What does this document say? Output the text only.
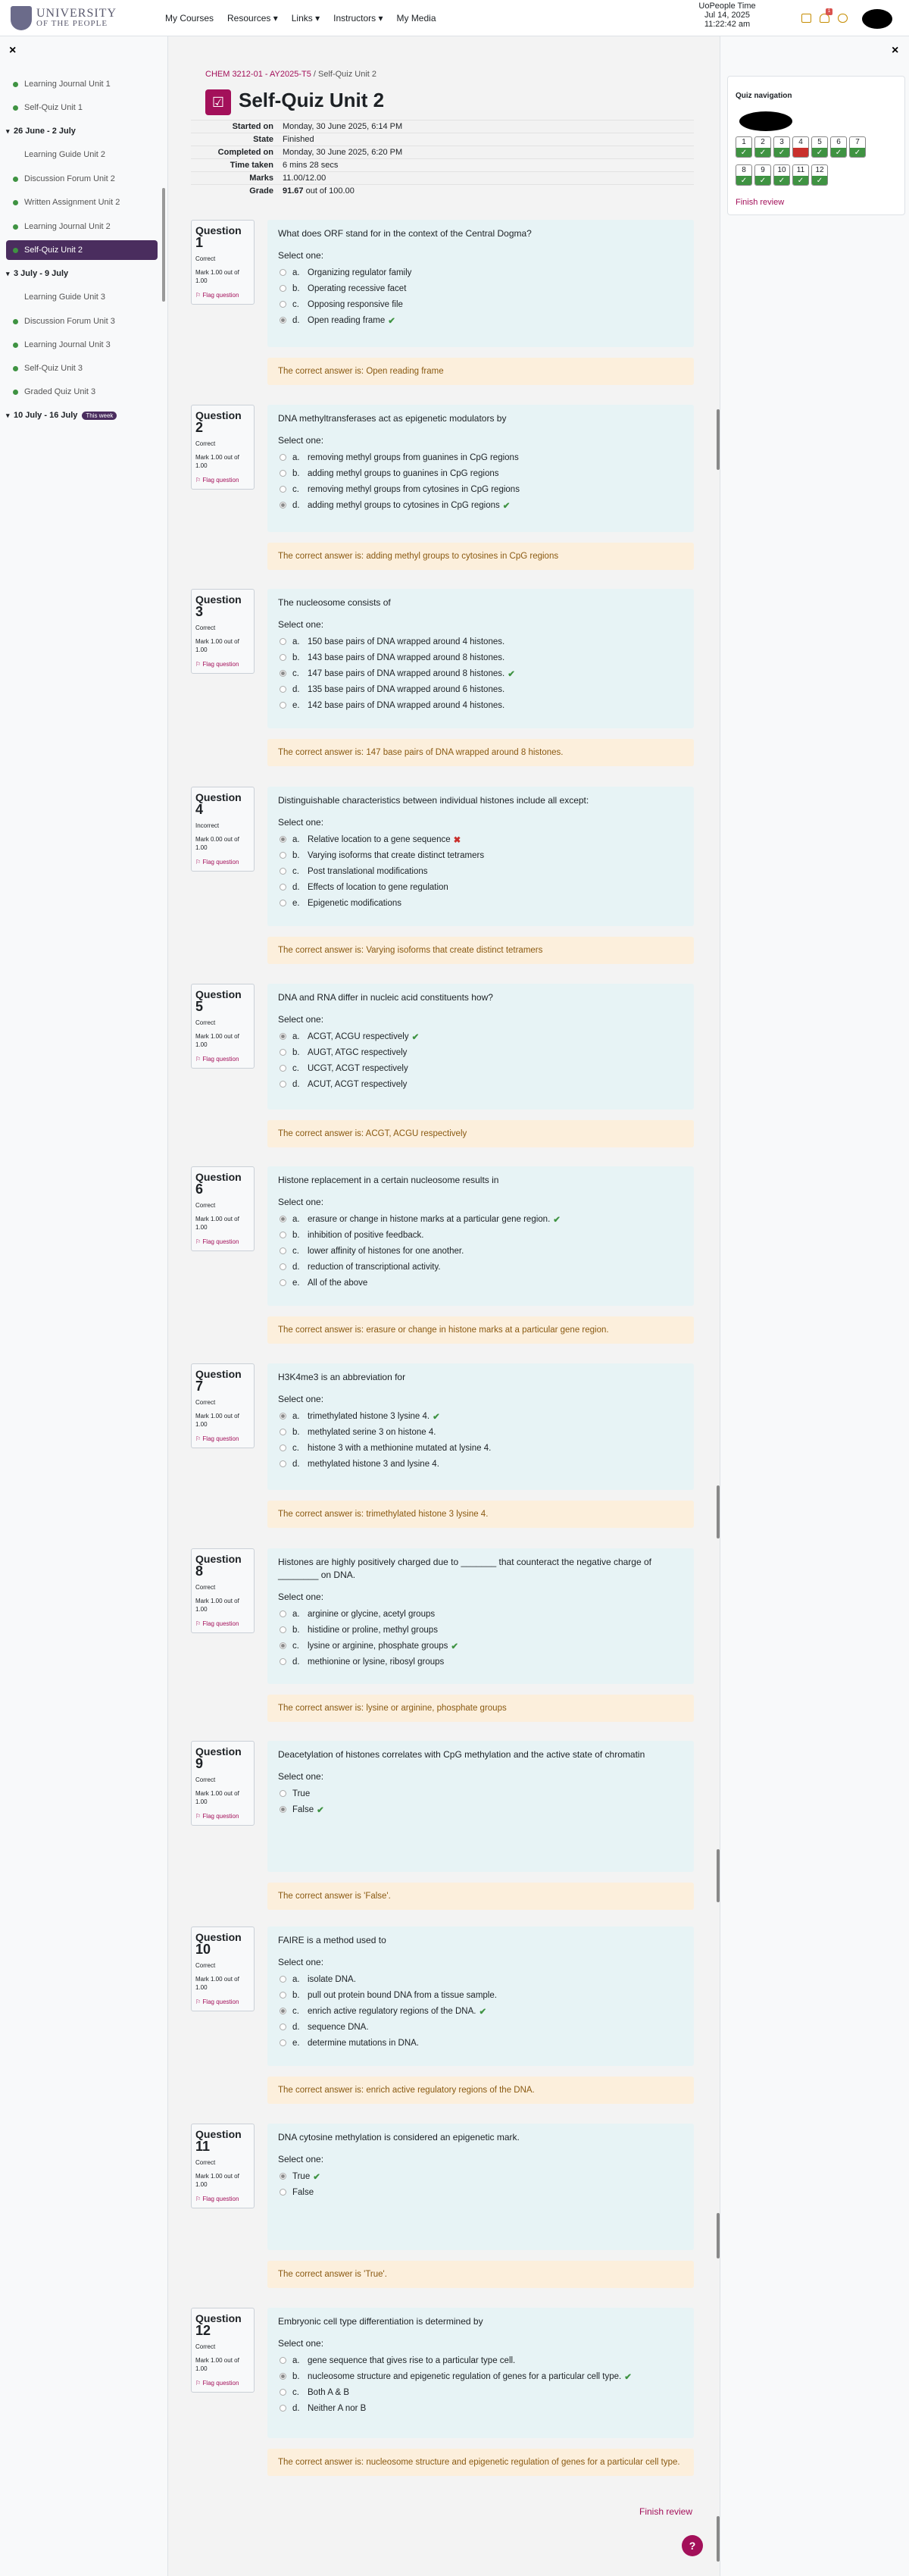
UNIVERSITY
OF THE PEOPLE
My Courses Resources ▾ Links ▾ Instructors ▾ My Media
UoPeople Time
Jul 14, 2025
11:22:42 am
1
×
Learning Journal Unit 1
Self-Quiz Unit 1
▾ 26 June - 2 July
Learning Guide Unit 2
Discussion Forum Unit 2
Written Assignment Unit 2
Learning Journal Unit 2
Self-Quiz Unit 2
▾ 3 July - 9 July
Learning Guide Unit 3
Discussion Forum Unit 3
Learning Journal Unit 3
Self-Quiz Unit 3
Graded Quiz Unit 3
▾ 10 July - 16 July	This week
CHEM 3212-01 - AY2025-T5 / Self-Quiz Unit 2
☑ Self-Quiz Unit 2
Started on	Monday, 30 June 2025, 6:14 PM
State	Finished
Completed on	Monday, 30 June 2025, 6:20 PM
Time taken	6 mins 28 secs
Marks	11.00/12.00
Grade	91.67 out of 100.00
Question
1
Correct
Mark 1.00 out of 1.00
⚐ Flag question
What does ORF stand for in the context of the Central Dogma?
Select one:
a. Organizing regulator family
b. Operating recessive facet
c. Opposing responsive file
d. Open reading frame ✔
The correct answer is: Open reading frame
Question
2
Correct
Mark 1.00 out of 1.00
⚐ Flag question
DNA methyltransferases act as epigenetic modulators by
Select one:
a. removing methyl groups from guanines in CpG regions
b. adding methyl groups to guanines in CpG regions
c. removing methyl groups from cytosines in CpG regions
d. adding methyl groups to cytosines in CpG regions ✔
The correct answer is: adding methyl groups to cytosines in CpG regions
Question
3
Correct
Mark 1.00 out of 1.00
⚐ Flag question
The nucleosome consists of
Select one:
a. 150 base pairs of DNA wrapped around 4 histones.
b. 143 base pairs of DNA wrapped around 8 histones.
c. 147 base pairs of DNA wrapped around 8 histones. ✔
d. 135 base pairs of DNA wrapped around 6 histones.
e. 142 base pairs of DNA wrapped around 4 histones.
The correct answer is: 147 base pairs of DNA wrapped around 8 histones.
Question
4
Incorrect
Mark 0.00 out of 1.00
⚐ Flag question
Distinguishable characteristics between individual histones include all except:
Select one:
a. Relative location to a gene sequence ✖
b. Varying isoforms that create distinct tetramers
c. Post translational modifications
d. Effects of location to gene regulation
e. Epigenetic modifications
The correct answer is: Varying isoforms that create distinct tetramers
Question
5
Correct
Mark 1.00 out of 1.00
⚐ Flag question
DNA and RNA differ in nucleic acid constituents how?
Select one:
a. ACGT, ACGU respectively ✔
b. AUGT, ATGC respectively
c. UCGT, ACGT respectively
d. ACUT, ACGT respectively
The correct answer is: ACGT, ACGU respectively
Question
6
Correct
Mark 1.00 out of 1.00
⚐ Flag question
Histone replacement in a certain nucleosome results in
Select one:
a. erasure or change in histone marks at a particular gene region. ✔
b. inhibition of positive feedback.
c. lower affinity of histones for one another.
d. reduction of transcriptional activity.
e. All of the above
The correct answer is: erasure or change in histone marks at a particular gene region.
Question
7
Correct
Mark 1.00 out of 1.00
⚐ Flag question
H3K4me3 is an abbreviation for
Select one:
a. trimethylated histone 3 lysine 4. ✔
b. methylated serine 3 on histone 4.
c. histone 3 with a methionine mutated at lysine 4.
d. methylated histone 3 and lysine 4.
The correct answer is: trimethylated histone 3 lysine 4.
Question
8
Correct
Mark 1.00 out of 1.00
⚐ Flag question
Histones are highly positively charged due to _______ that counteract the negative charge of ________ on DNA.
Select one:
a. arginine or glycine, acetyl groups
b. histidine or proline, methyl groups
c. lysine or arginine, phosphate groups ✔
d. methionine or lysine, ribosyl groups
The correct answer is: lysine or arginine, phosphate groups
Question
9
Correct
Mark 1.00 out of 1.00
⚐ Flag question
Deacetylation of histones correlates with CpG methylation and the active state of chromatin
Select one:
True
False ✔
The correct answer is 'False'.
Question
10
Correct
Mark 1.00 out of 1.00
⚐ Flag question
FAIRE is a method used to
Select one:
a. isolate DNA.
b. pull out protein bound DNA from a tissue sample.
c. enrich active regulatory regions of the DNA. ✔
d. sequence DNA.
e. determine mutations in DNA.
The correct answer is: enrich active regulatory regions of the DNA.
Question
11
Correct
Mark 1.00 out of 1.00
⚐ Flag question
DNA cytosine methylation is considered an epigenetic mark.
Select one:
True ✔
False
The correct answer is 'True'.
Question
12
Correct
Mark 1.00 out of 1.00
⚐ Flag question
Embryonic cell type differentiation is determined by
Select one:
a. gene sequence that gives rise to a particular type cell.
b. nucleosome structure and epigenetic regulation of genes for a particular cell type. ✔
c. Both A & B
d. Neither A nor B
The correct answer is: nucleosome structure and epigenetic regulation of genes for a particular cell type.
Finish review
?
×
Quiz navigation
1
✓
2
✓
3
✓
4	5
✓
6
✓
7
✓
8
✓
9
✓
10
✓
11
✓
12
✓
Finish review
